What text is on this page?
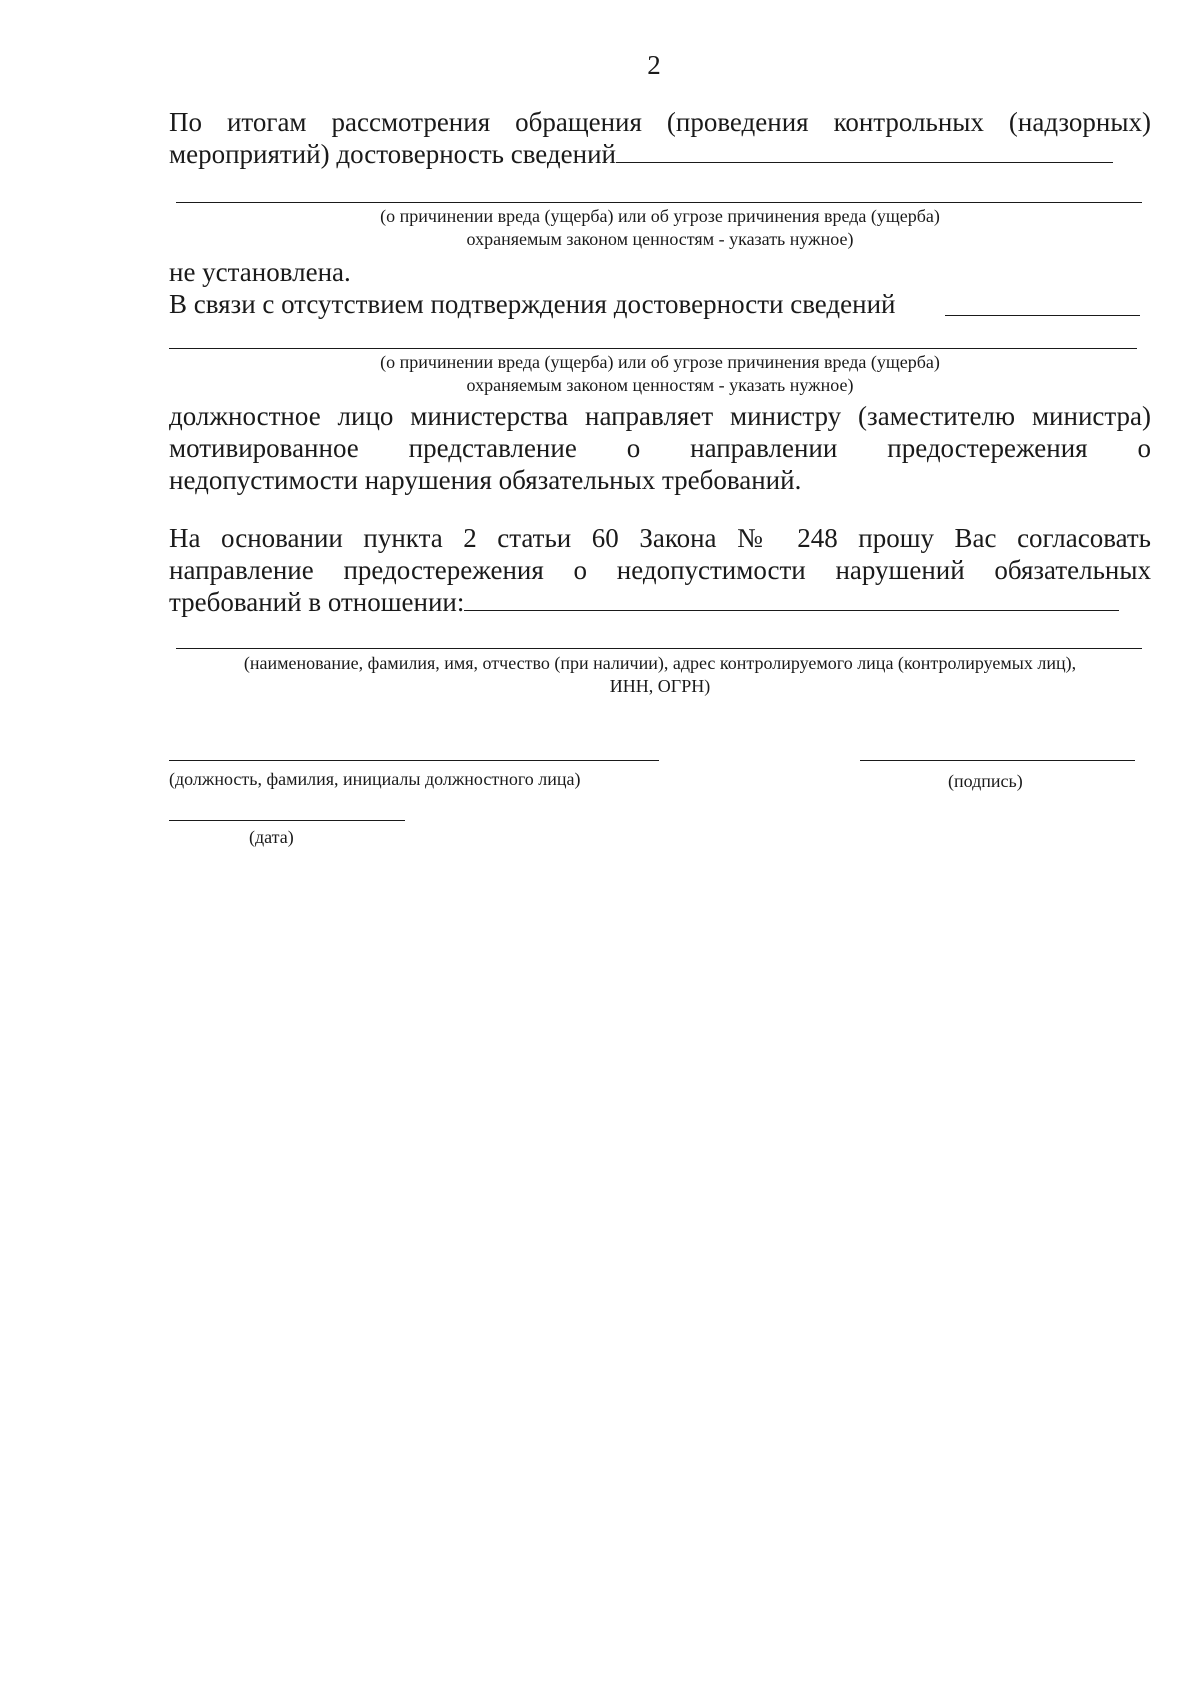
2
По итогам рассмотрения обращения (проведения контрольных (надзорных)
мероприятий) достоверность сведений
(о причинении вреда (ущерба) или об угрозе причинения вреда (ущерба)
охраняемым законом ценностям - указать нужное)
не установлена.
В связи с отсутствием подтверждения достоверности сведений
(о причинении вреда (ущерба) или об угрозе причинения вреда (ущерба)
охраняемым законом ценностям - указать нужное)
должностное лицо министерства направляет министру (заместителю министра)
мотивированное представление о направлении предостережения о
недопустимости нарушения обязательных требований.
На основании пункта 2 статьи 60 Закона № 248 прошу Вас согласовать
направление предостережения о недопустимости нарушений обязательных
требований в отношении:
(наименование, фамилия, имя, отчество (при наличии), адрес контролируемого лица (контролируемых лиц),
ИНН, ОГРН)
(должность, фамилия, инициалы должностного лица)	(подпись)
(дата)
